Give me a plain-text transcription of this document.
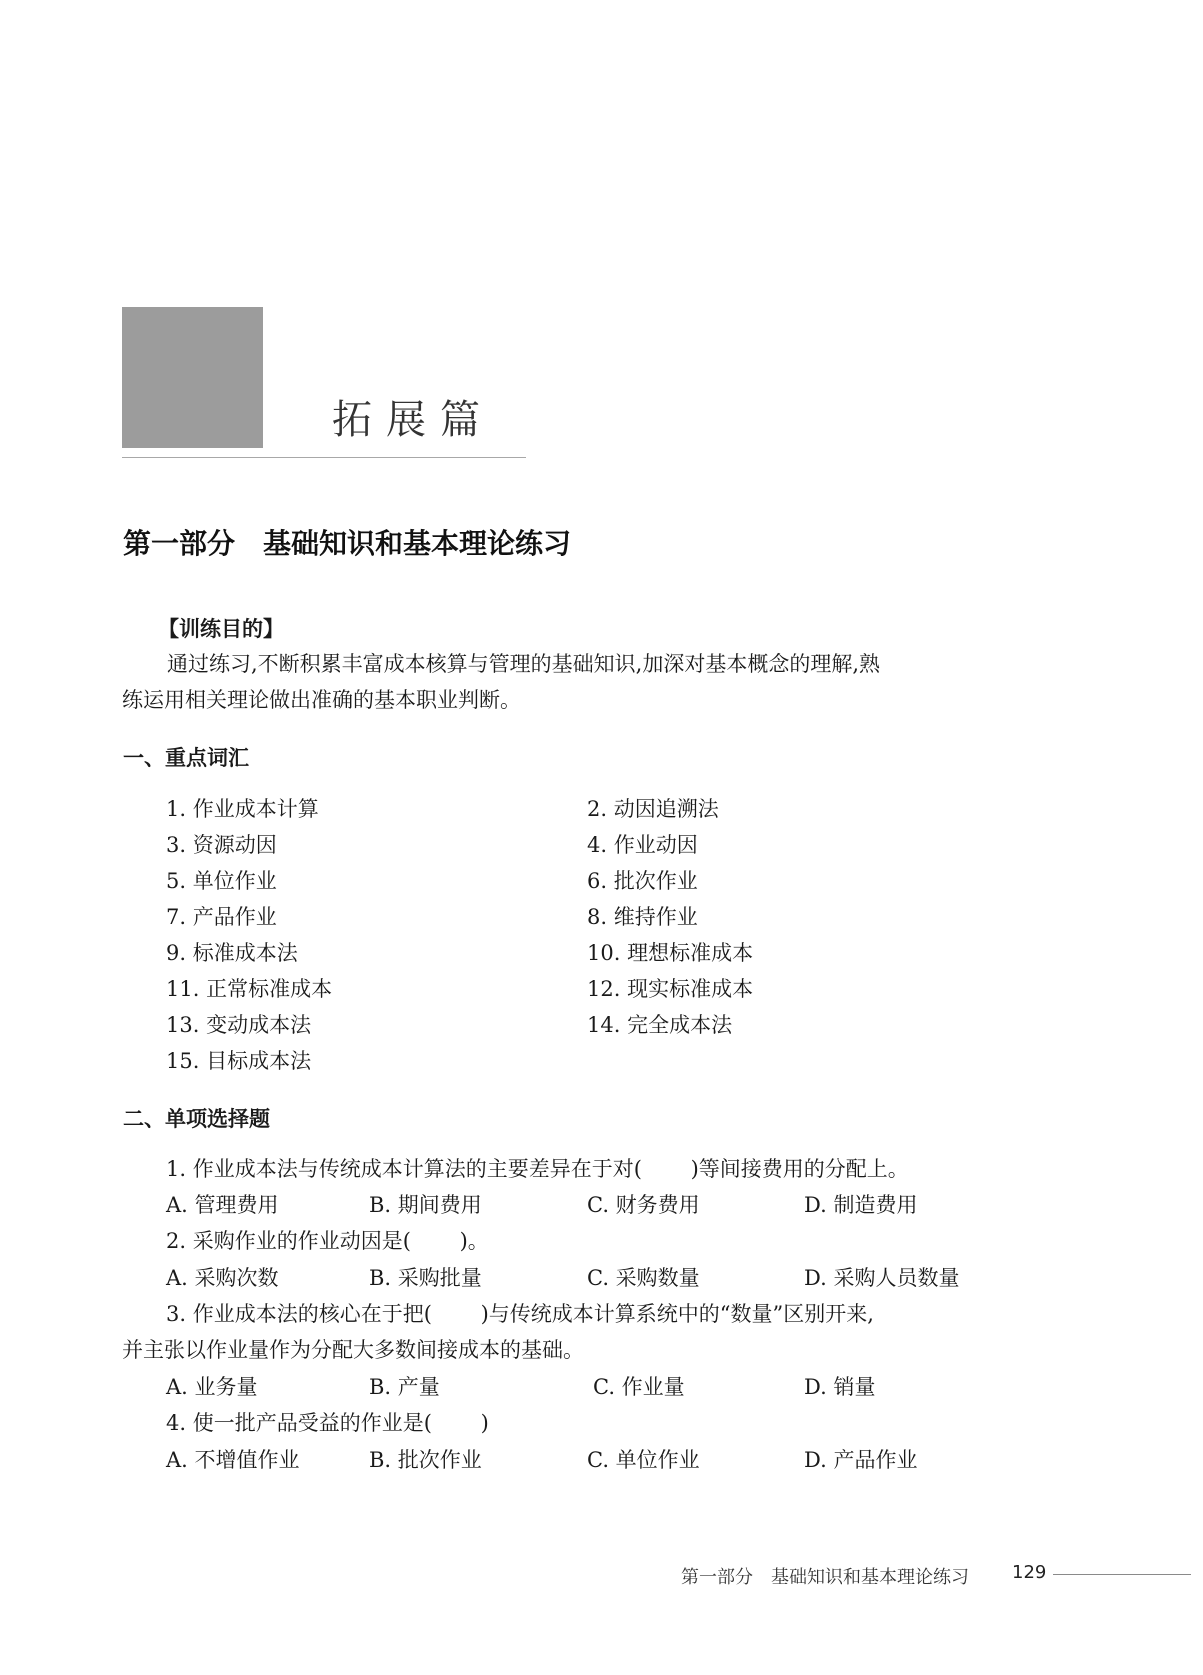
拓展篇
第一部分　基础知识和基本理论练习
【训练目的】
通过练习,不断积累丰富成本核算与管理的基础知识,加深对基本概念的理解,熟
练运用相关理论做出准确的基本职业判断。
一、重点词汇
1. 作业成本计算	2. 动因追溯法
3. 资源动因	4. 作业动因
5. 单位作业	6. 批次作业
7. 产品作业	8. 维持作业
9. 标准成本法	10. 理想标准成本
11. 正常标准成本	12. 现实标准成本
13. 变动成本法	14. 完全成本法
15. 目标成本法
二、单项选择题
1. 作业成本法与传统成本计算法的主要差异在于对(　　 )等间接费用的分配上。
A. 管理费用	B. 期间费用	C. 财务费用	D. 制造费用
2. 采购作业的作业动因是(　　 )。
A. 采购次数	B. 采购批量	C. 采购数量	D. 采购人员数量
3. 作业成本法的核心在于把(　　 )与传统成本计算系统中的“数量”区别开来,
并主张以作业量作为分配大多数间接成本的基础。
A. 业务量	B. 产量	C. 作业量	D. 销量
4. 使一批产品受益的作业是(　　 )
A. 不增值作业	B. 批次作业	C. 单位作业	D. 产品作业
第一部分　基础知识和基本理论练习 129
